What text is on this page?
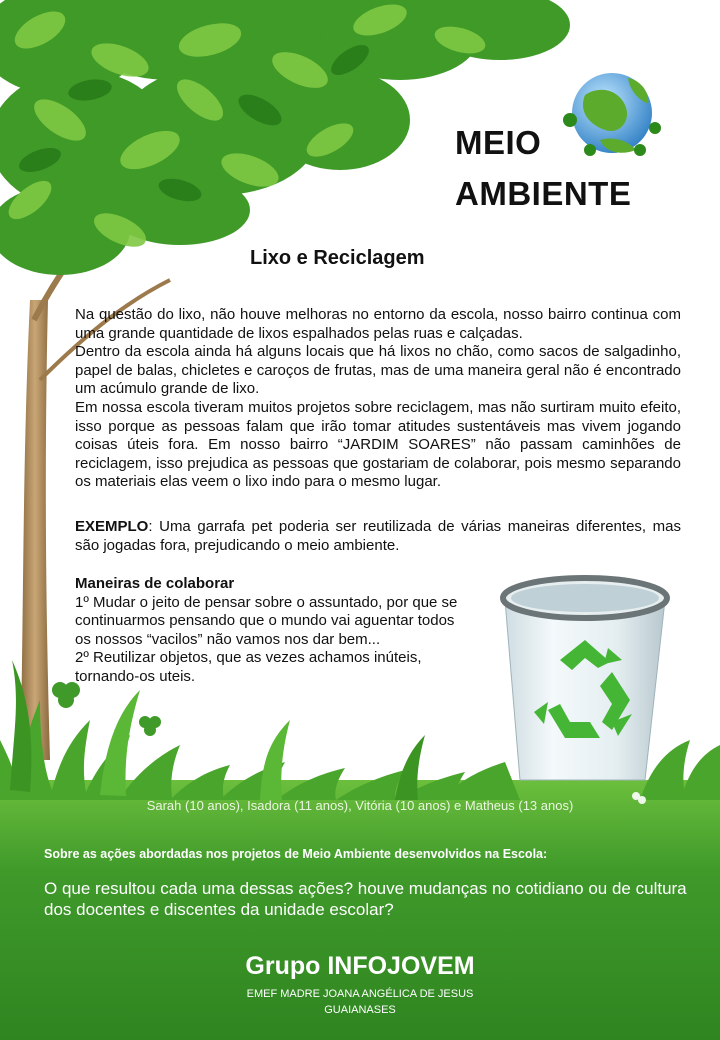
MEIO
AMBIENTE
Lixo e Reciclagem

Na questão do lixo, não houve melhoras no entorno da escola, nosso bairro continua com uma grande quantidade de lixos espalhados pelas ruas e calçadas.

Dentro da escola ainda há alguns locais que há lixos no chão, como sacos de salgadinho, papel de balas, chicletes e caroços de frutas, mas de uma maneira geral não é encontrado um acúmulo grande de lixo.

Em nossa escola tiveram muitos projetos sobre reciclagem, mas não surtiram muito efeito, isso porque as pessoas falam que irão tomar atitudes sustentáveis mas vivem jogando coisas úteis fora. Em nosso bairro “JARDIM SOARES” não passam caminhões de reciclagem, isso prejudica as pessoas que gostariam de colaborar, pois mesmo separando os materiais elas veem o lixo indo para o mesmo lugar.

EXEMPLO: Uma garrafa pet poderia ser reutilizada de várias maneiras diferentes, mas são jogadas fora, prejudicando o meio ambiente.
Maneiras de colaborar
1º Mudar o jeito de pensar sobre o assuntado, por que se continuarmos pensando que o mundo vai aguentar todos os nossos “vacilos” não vamos nos dar bem...
2º Reutilizar objetos, que as vezes achamos inúteis, tornando-os uteis.
Sarah (10 anos), Isadora (11 anos), Vitória (10 anos) e Matheus (13 anos)
Sobre as ações abordadas nos projetos de Meio Ambiente desenvolvidos na Escola:
O que resultou cada uma dessas ações? houve mudanças no cotidiano ou de cultura dos docentes e discentes da unidade escolar?
Grupo INFOJOVEM
EMEF MADRE JOANA ANGÉLICA DE JESUS
GUAIANASES
